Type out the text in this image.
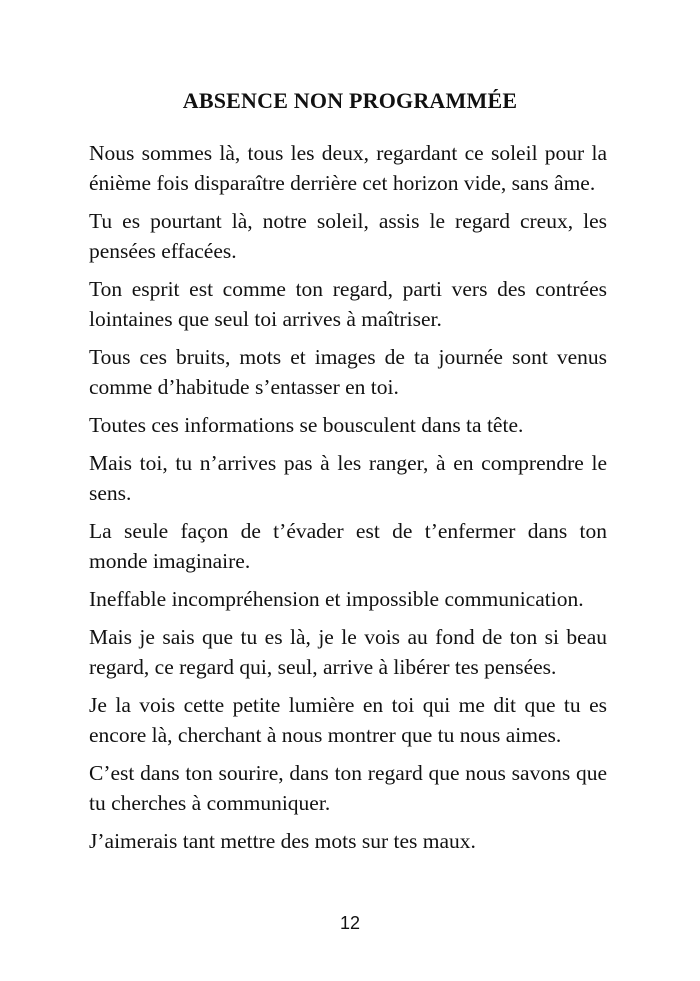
ABSENCE NON PROGRAMMÉE

Nous sommes là, tous les deux, regardant ce soleil pour la énième fois disparaître derrière cet horizon vide, sans âme.

Tu es pourtant là, notre soleil, assis le regard creux, les pensées effacées.

Ton esprit est comme ton regard, parti vers des contrées lointaines que seul toi arrives à maîtriser.

Tous ces bruits, mots et images de ta journée sont venus comme d’habitude s’entasser en toi.

Toutes ces informations se bousculent dans ta tête.

Mais toi, tu n’arrives pas à les ranger, à en comprendre le sens.

La seule façon de t’évader est de t’enfermer dans ton monde imaginaire.

Ineffable incompréhension et impossible communication.

Mais je sais que tu es là, je le vois au fond de ton si beau regard, ce regard qui, seul, arrive à libérer tes pensées.

Je la vois cette petite lumière en toi qui me dit que tu es encore là, cherchant à nous montrer que tu nous aimes.

C’est dans ton sourire, dans ton regard que nous savons que tu cherches à communiquer.

J’aimerais tant mettre des mots sur tes maux.

12
